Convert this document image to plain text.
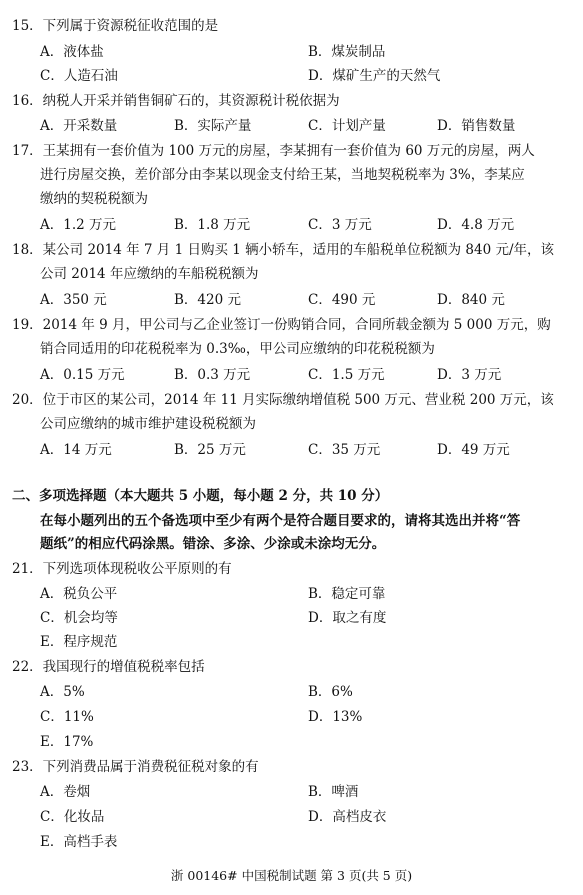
15．下列属于资源税征收范围的是
A．液体盐	B．煤炭制品
C．人造石油	D．煤矿生产的天然气
16．纳税人开采并销售铜矿石的，其资源税计税依据为
A．开采数量	B．实际产量	C．计划产量	D．销售数量
17．王某拥有一套价值为 100 万元的房屋，李某拥有一套价值为 60 万元的房屋，两人
进行房屋交换，差价部分由李某以现金支付给王某，当地契税税率为 3%，李某应
缴纳的契税税额为
A．1.2 万元	B．1.8 万元	C．3 万元	D．4.8 万元
18．某公司 2014 年 7 月 1 日购买 1 辆小轿车，适用的车船税单位税额为 840 元/年，该
公司 2014 年应缴纳的车船税税额为
A．350 元	B．420 元	C．490 元	D．840 元
19．2014 年 9 月，甲公司与乙企业签订一份购销合同，合同所载金额为 5 000 万元，购
销合同适用的印花税税率为 0.3‰，甲公司应缴纳的印花税税额为
A．0.15 万元	B．0.3 万元	C．1.5 万元	D．3 万元
20．位于市区的某公司，2014 年 11 月实际缴纳增值税 500 万元、营业税 200 万元，该
公司应缴纳的城市维护建设税税额为
A．14 万元	B．25 万元	C．35 万元	D．49 万元
二、多项选择题（本大题共 5 小题，每小题 2 分，共 10 分）
在每小题列出的五个备选项中至少有两个是符合题目要求的，请将其选出并将“答
题纸”的相应代码涂黑。错涂、多涂、少涂或未涂均无分。
21．下列选项体现税收公平原则的有
A．税负公平	B．稳定可靠
C．机会均等	D．取之有度
E．程序规范
22．我国现行的增值税税率包括
A．5%	B．6%
C．11%	D．13%
E．17%
23．下列消费品属于消费税征税对象的有
A．卷烟	B．啤酒
C．化妆品	D．高档皮衣
E．高档手表
浙 00146# 中国税制试题 第 3 页(共 5 页)
